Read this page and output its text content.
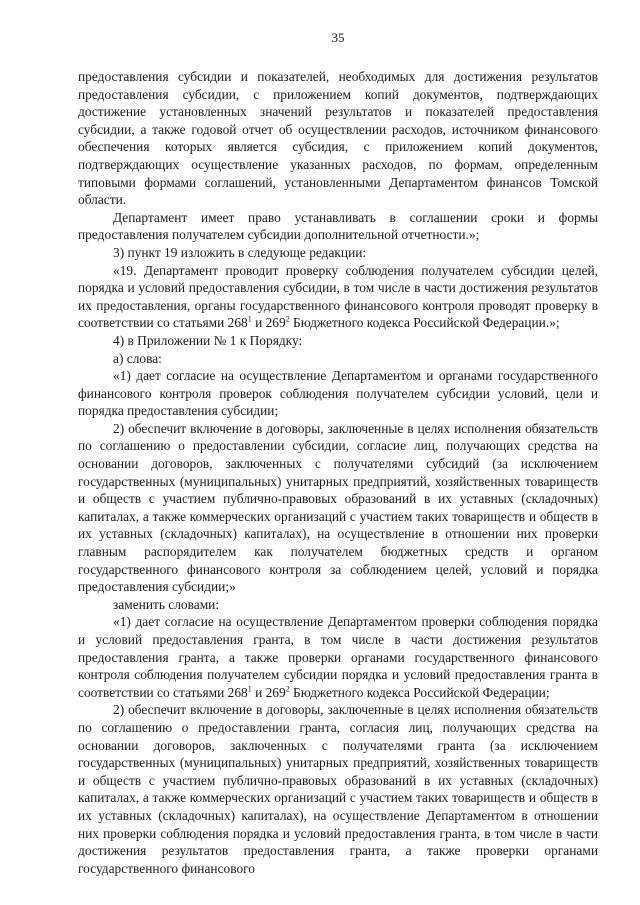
35

предоставления субсидии и показателей, необходимых для достижения результатов предоставления субсидии, с приложением копий документов, подтверждающих достижение установленных значений результатов и показателей предоставления субсидии, а также годовой отчет об осуществлении расходов, источником финансового обеспечения которых является субсидия, с приложением копий документов, подтверждающих осуществление указанных расходов, по формам, определенным типовыми формами соглашений, установленными Департаментом финансов Томской области.

Департамент имеет право устанавливать в соглашении сроки и формы предоставления получателем субсидии дополнительной отчетности.»;

3) пункт 19 изложить в следующе редакции:

«19. Департамент проводит проверку соблюдения получателем субсидии целей, порядка и условий предоставления субсидии, в том числе в части достижения результатов их предоставления, органы государственного финансового контроля проводят проверку в соответствии со статьями $268^1$ и $269^2$ Бюджетного кодекса Российской Федерации.»;

4) в Приложении № 1 к Порядку:

а) слова:

«1) дает согласие на осуществление Департаментом и органами государственного финансового контроля проверок соблюдения получателем субсидии условий, цели и порядка предоставления субсидии;

2) обеспечит включение в договоры, заключенные в целях исполнения обязательств по соглашению о предоставлении субсидии, согласие лиц, получающих средства на основании договоров, заключенных с получателями субсидий (за исключением государственных (муниципальных) унитарных предприятий, хозяйственных товариществ и обществ с участием публично-правовых образований в их уставных (складочных) капиталах, а также коммерческих организаций с участием таких товариществ и обществ в их уставных (складочных) капиталах), на осуществление в отношении них проверки главным распорядителем как получателем бюджетных средств и органом государственного финансового контроля за соблюдением целей, условий и порядка предоставления субсидии;»

заменить словами:

«1) дает согласие на осуществление Департаментом проверки соблюдения порядка и условий предоставления гранта, в том числе в части достижения результатов предоставления гранта, а также проверки органами государственного финансового контроля соблюдения получателем субсидии порядка и условий предоставления гранта в соответствии со статьями $268^1$ и $269^2$ Бюджетного кодекса Российской Федерации;

2) обеспечит включение в договоры, заключенные в целях исполнения обязательств по соглашению о предоставлении гранта, согласия лиц, получающих средства на основании договоров, заключенных с получателями гранта (за исключением государственных (муниципальных) унитарных предприятий, хозяйственных товариществ и обществ с участием публично-правовых образований в их уставных (складочных) капиталах, а также коммерческих организаций с участием таких товариществ и обществ в их уставных (складочных) капиталах), на осуществление Департаментом в отношении них проверки соблюдения порядка и условий предоставления гранта, в том числе в части достижения результатов предоставления гранта, а также проверки органами государственного финансового
